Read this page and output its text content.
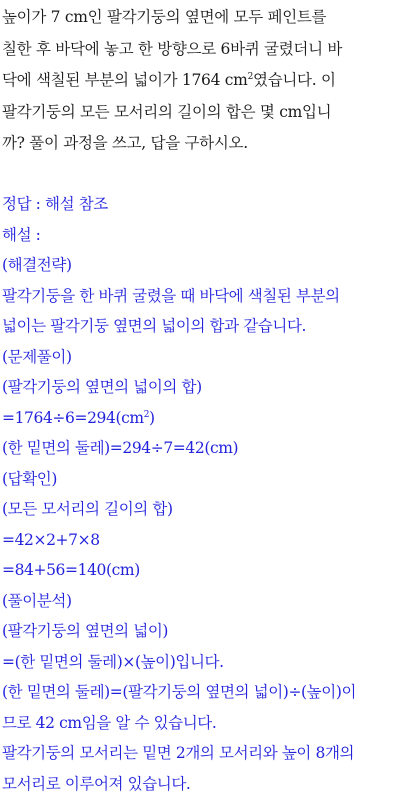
높이가 7 cm인 팔각기둥의 옆면에 모두 페인트를
칠한 후 바닥에 놓고 한 방향으로 6바퀴 굴렸더니 바
닥에 색칠된 부분의 넓이가 1764 $cm^2$였습니다. 이
팔각기둥의 모든 모서리의 길이의 합은 몇 cm입니
까? 풀이 과정을 쓰고, 답을 구하시오.
정답 : 해설 참조
해설 :
(해결전략)
팔각기둥을 한 바퀴 굴렸을 때 바닥에 색칠된 부분의
넓이는 팔각기둥 옆면의 넓이의 합과 같습니다.
(문제풀이)
(팔각기둥의 옆면의 넓이의 합)
$=1764\div 6=294(cm^2)$
(한 밑면의 둘레)=294÷7=42(cm)
(답확인)
(모든 모서리의 길이의 합)
=42×2+7×8
=84+56=140(cm)
(풀이분석)
(팔각기둥의 옆면의 넓이)
=(한 밑면의 둘레)×(높이)입니다.
(한 밑면의 둘레)=(팔각기둥의 옆면의 넓이)÷(높이)이
므로 42 cm임을 알 수 있습니다.
팔각기둥의 모서리는 밑면 2개의 모서리와 높이 8개의
모서리로 이루어져 있습니다.
